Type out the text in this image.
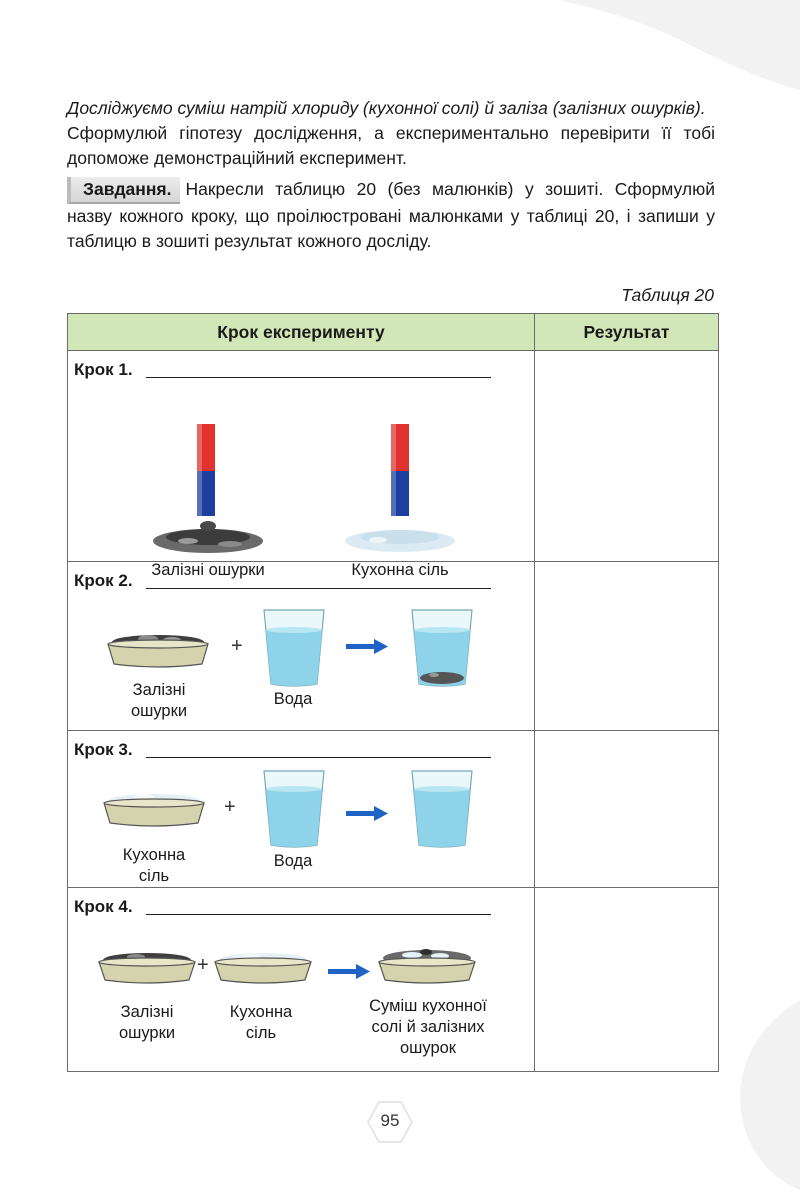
Досліджуємо суміш натрій хлориду (кухонної солі) й заліза (залізних ошурків).

Сформулюй гіпотезу дослідження, а експериментально перевірити її тобі допоможе демонстраційний експеримент.

Завдання. Накресли таблицю 20 (без малюнків) у зошиті. Сформулюй назву кожного кроку, що проілюстровані малюнками у таблиці 20, і запиши у таблицю в зошиті результат кожного досліду.

Таблиця 20
Крок експерименту	Результат

Крок 1.
Залізні ошурки Кухонна сіль	

Крок 2.
+
Залізні ошурки
Вода	

Крок 3.
+
Кухонна сіль
Вода	

Крок 4.
+
Залізні ошурки
Кухонна сіль
Суміш кухонної солі й залізних ошурок	

95
